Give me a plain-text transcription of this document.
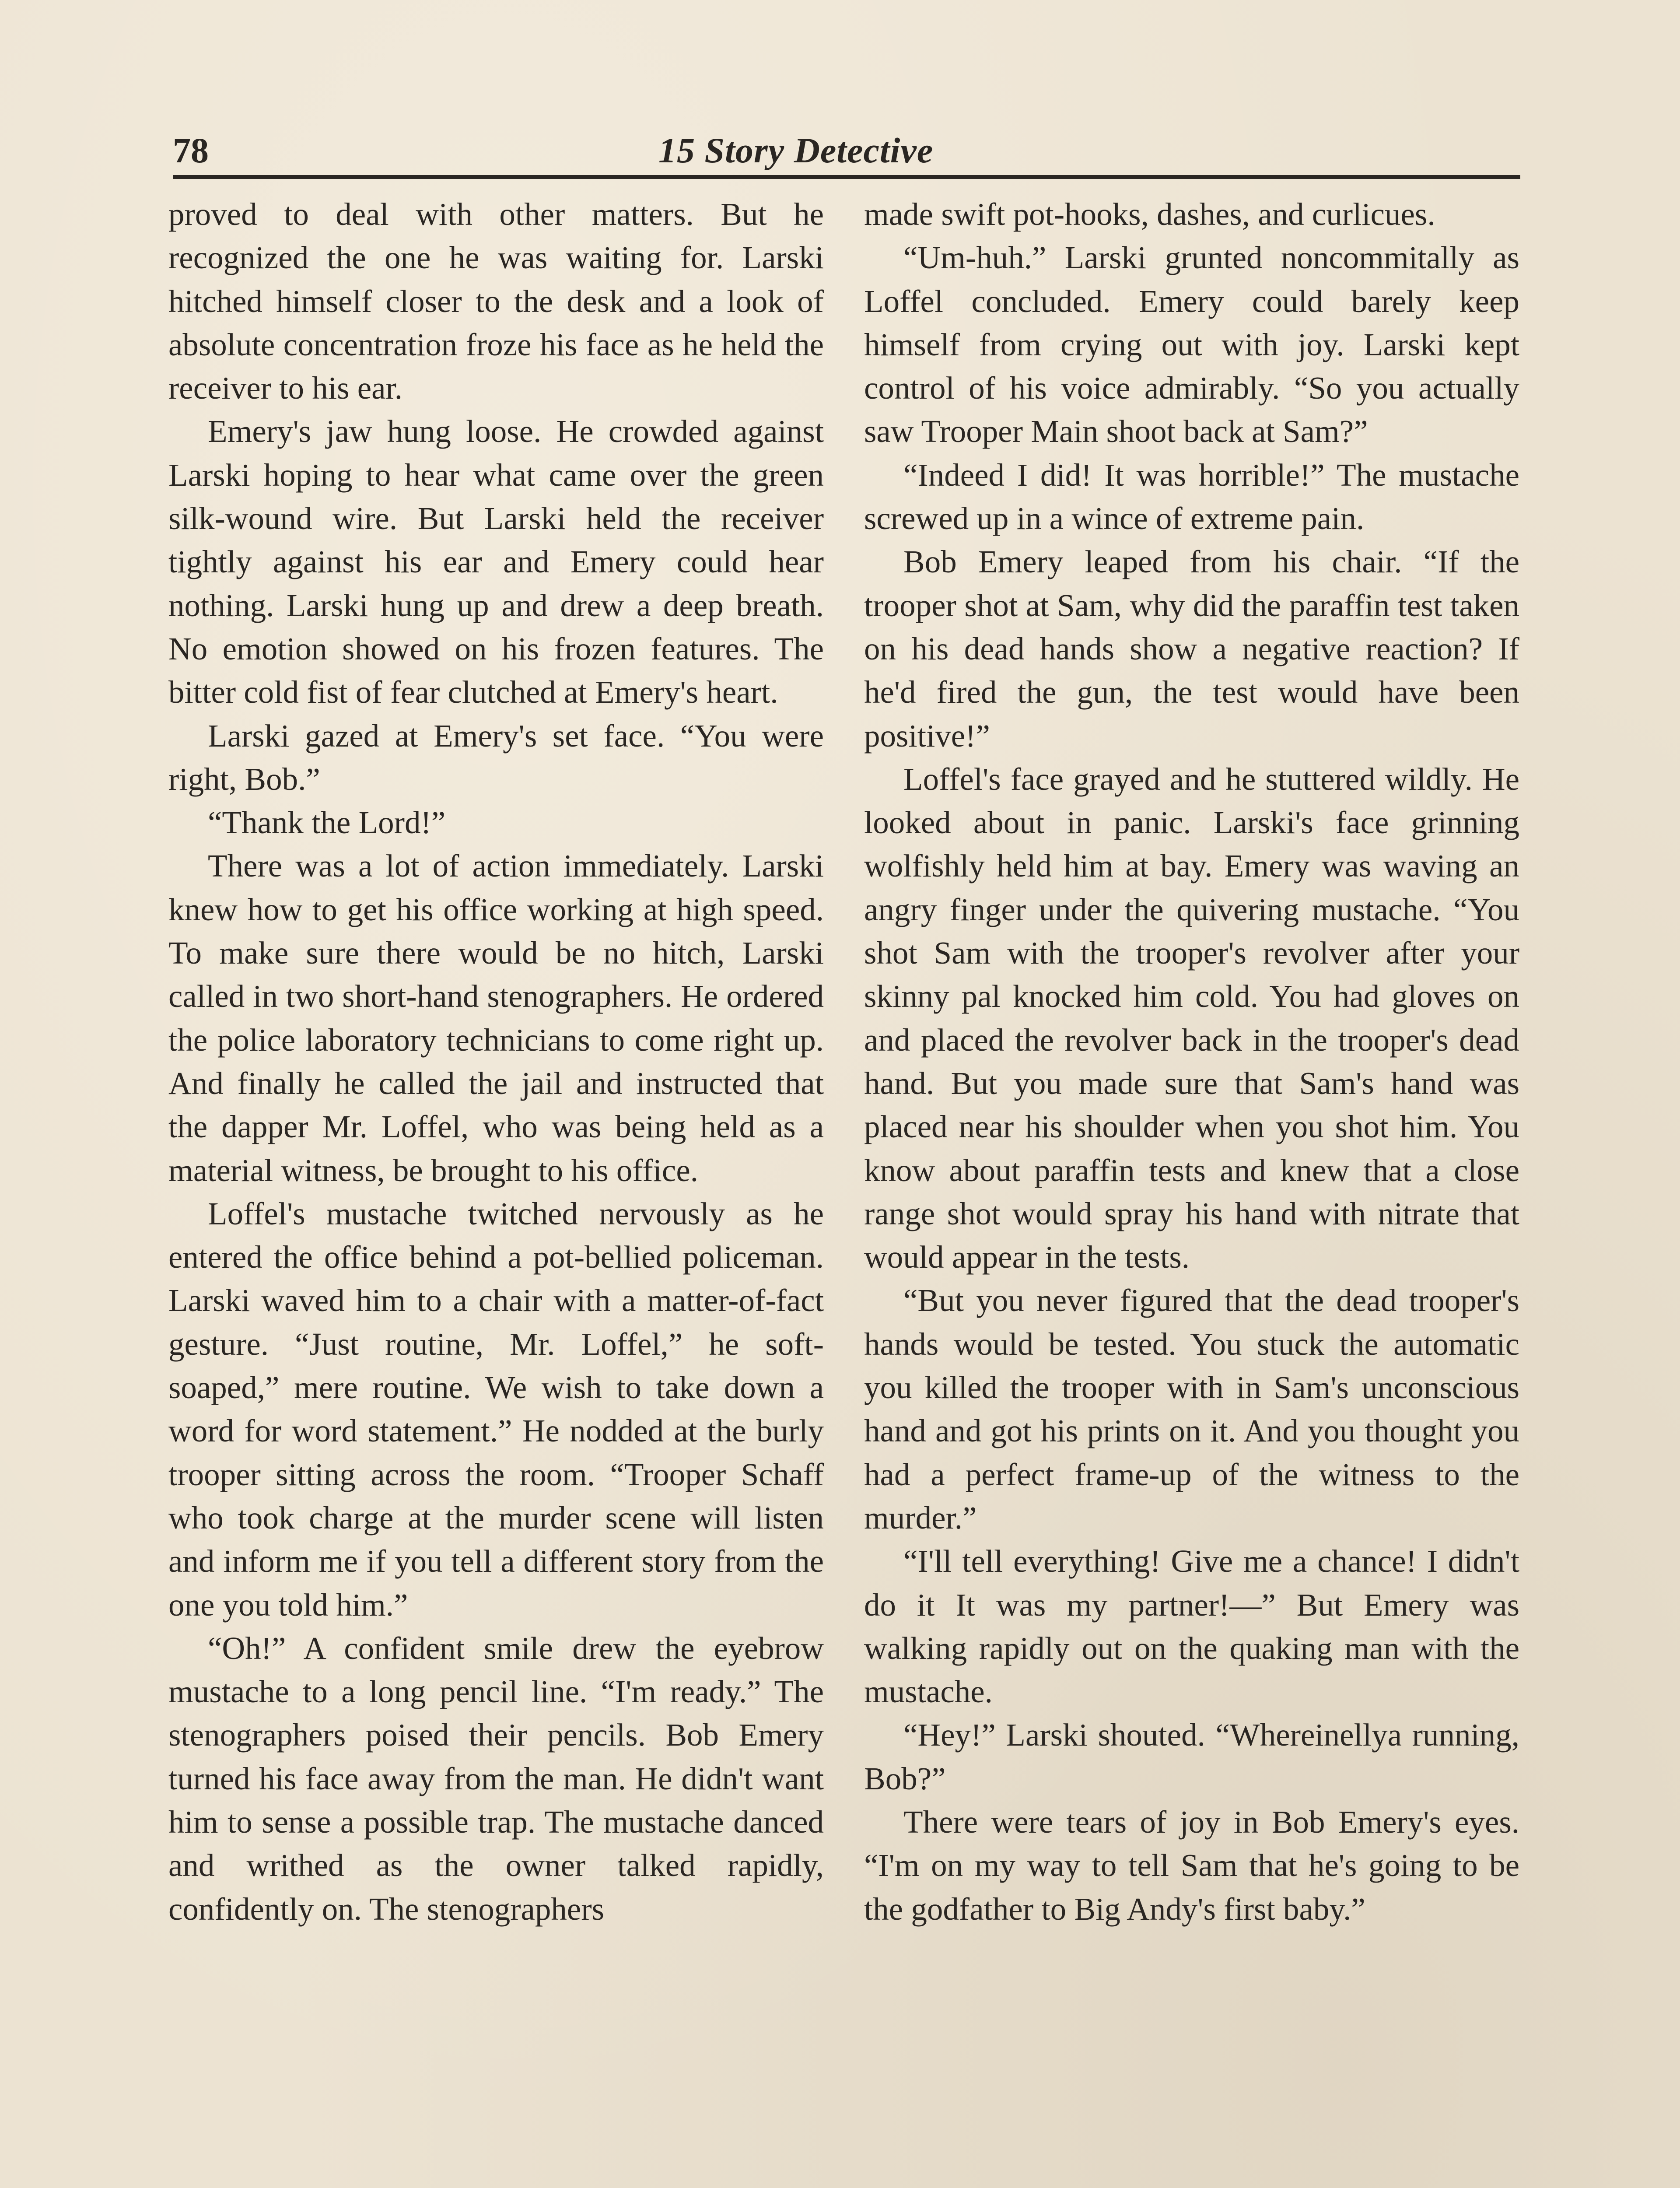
78	15 Story Detective

proved to deal with other matters. But he recognized the one he was waiting for. Larski hitched himself closer to the desk and a look of absolute concentration froze his face as he held the receiver to his ear.

Emery's jaw hung loose. He crowded against Larski hoping to hear what came over the green silk-wound wire. But Larski held the receiver tightly against his ear and Emery could hear nothing. Larski hung up and drew a deep breath. No emotion showed on his frozen features. The bitter cold fist of fear clutched at Emery's heart.

Larski gazed at Emery's set face. “You were right, Bob.”

“Thank the Lord!”

There was a lot of action immediately. Larski knew how to get his office working at high speed. To make sure there would be no hitch, Larski called in two short-hand stenographers. He ordered the police laboratory technicians to come right up. And finally he called the jail and instructed that the dapper Mr. Loffel, who was being held as a material witness, be brought to his office.

Loffel's mustache twitched nervously as he entered the office behind a pot-bellied policeman. Larski waved him to a chair with a matter-of-fact gesture. “Just routine, Mr. Loffel,” he soft-soaped,” mere routine. We wish to take down a word for word statement.” He nodded at the burly trooper sitting across the room. “Trooper Schaff who took charge at the murder scene will listen and inform me if you tell a different story from the one you told him.”

“Oh!” A confident smile drew the eyebrow mustache to a long pencil line. “I'm ready.” The stenographers poised their pencils. Bob Emery turned his face away from the man. He didn't want him to sense a possible trap. The mustache danced and writhed as the owner talked rapidly, confidently on. The stenographers

made swift pot-hooks, dashes, and curlicues.

“Um-huh.” Larski grunted noncommitally as Loffel concluded. Emery could barely keep himself from crying out with joy. Larski kept control of his voice admirably. “So you actually saw Trooper Main shoot back at Sam?”

“Indeed I did! It was horrible!” The mustache screwed up in a wince of extreme pain.

Bob Emery leaped from his chair. “If the trooper shot at Sam, why did the paraffin test taken on his dead hands show a negative reaction? If he'd fired the gun, the test would have been positive!”

Loffel's face grayed and he stuttered wildly. He looked about in panic. Larski's face grinning wolfishly held him at bay. Emery was waving an angry finger under the quivering mustache. “You shot Sam with the trooper's revolver after your skinny pal knocked him cold. You had gloves on and placed the revolver back in the trooper's dead hand. But you made sure that Sam's hand was placed near his shoulder when you shot him. You know about paraffin tests and knew that a close range shot would spray his hand with nitrate that would appear in the tests.

“But you never figured that the dead trooper's hands would be tested. You stuck the automatic you killed the trooper with in Sam's unconscious hand and got his prints on it. And you thought you had a perfect frame-up of the witness to the murder.”

“I'll tell everything! Give me a chance! I didn't do it It was my partner!—” But Emery was walking rapidly out on the quaking man with the mustache.

“Hey!” Larski shouted. “Whereinellya running, Bob?”

There were tears of joy in Bob Emery's eyes. “I'm on my way to tell Sam that he's going to be the godfather to Big Andy's first baby.”
